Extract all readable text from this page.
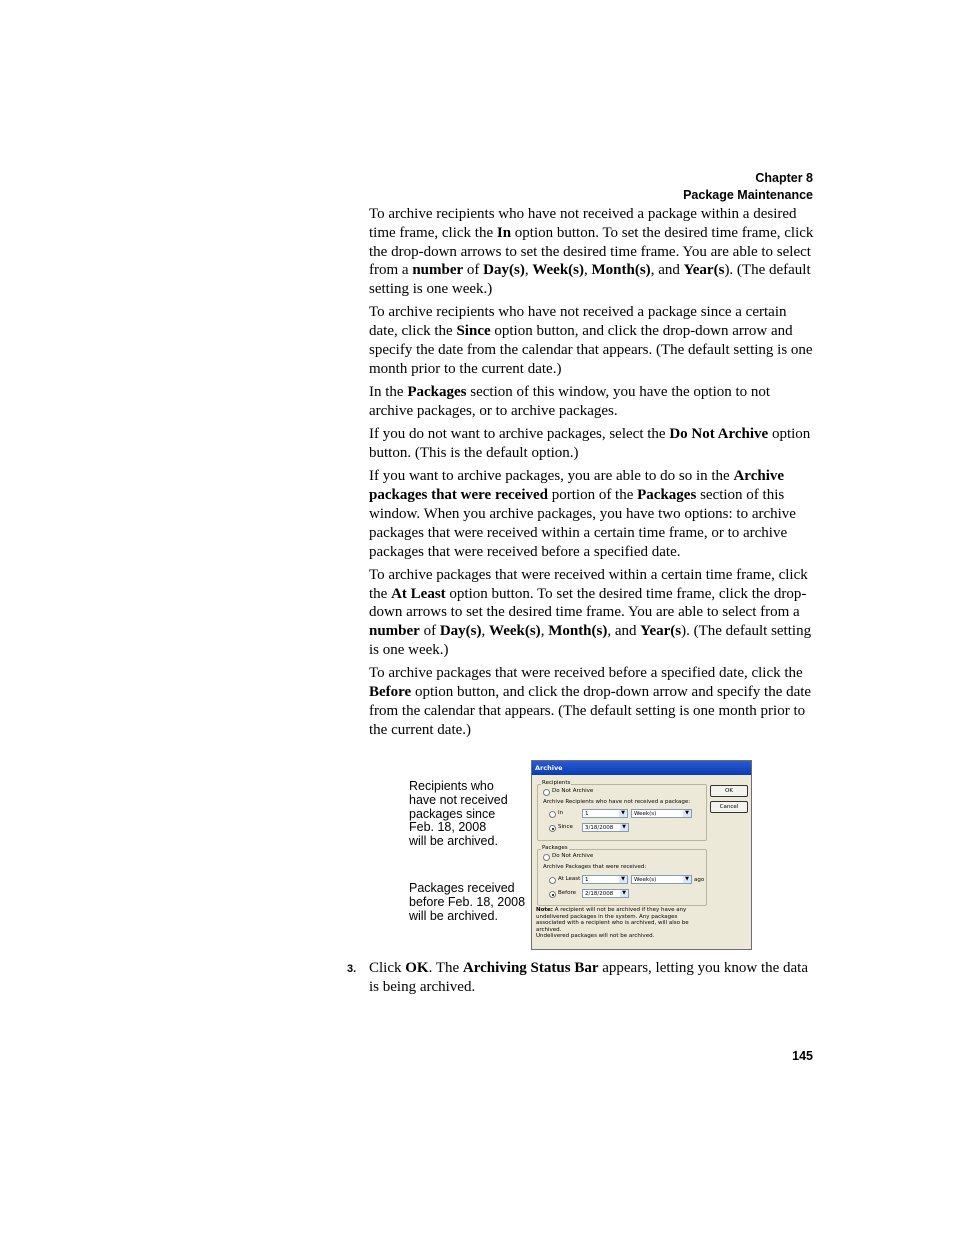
Chapter 8
Package Maintenance

To archive recipients who have not received a package within a desired time frame, click the In option button. To set the desired time frame, click the drop-down arrows to set the desired time frame. You are able to select from a number of Day(s), Week(s), Month(s), and Year(s). (The default setting is one week.)

To archive recipients who have not received a package since a certain date, click the Since option button, and click the drop-down arrow and specify the date from the calendar that appears. (The default setting is one month prior to the current date.)

In the Packages section of this window, you have the option to not archive packages, or to archive packages.

If you do not want to archive packages, select the Do Not Archive option button. (This is the default option.)

If you want to archive packages, you are able to do so in the Archive packages that were received portion of the Packages section of this window. When you archive packages, you have two options: to archive packages that were received within a certain time frame, or to archive packages that were received before a specified date.

To archive packages that were received within a certain time frame, click the At Least option button. To set the desired time frame, click the drop-down arrows to set the desired time frame. You are able to select from a number of Day(s), Week(s), Month(s), and Year(s). (The default setting is one week.)

To archive packages that were received before a specified date, click the Before option button, and click the drop-down arrow and specify the date from the calendar that appears. (The default setting is one month prior to the current date.)

Recipients who
have not received
packages since
Feb. 18, 2008
will be archived.
Packages received
before Feb. 18, 2008
will be archived.
Archive
OK
Cancel
Recipients
Do Not Archive
Archive Recipients who have not received a package:
In	1	▼	Week(s)	▼
Since 3/18/2008	▼
Packages
Do Not Archive
Archive Packages that were received:
At Least 1	▼	Week(s)	▼ ago
Before 2/18/2008	▼
Note: A recipient will not be archived if they have any
undelivered packages in the system. Any packages
associated with a recipient who is archived, will also be
archived.
Undelivered packages will not be archived.
3. Click OK. The Archiving Status Bar appears, letting you know the data is being archived.
145
